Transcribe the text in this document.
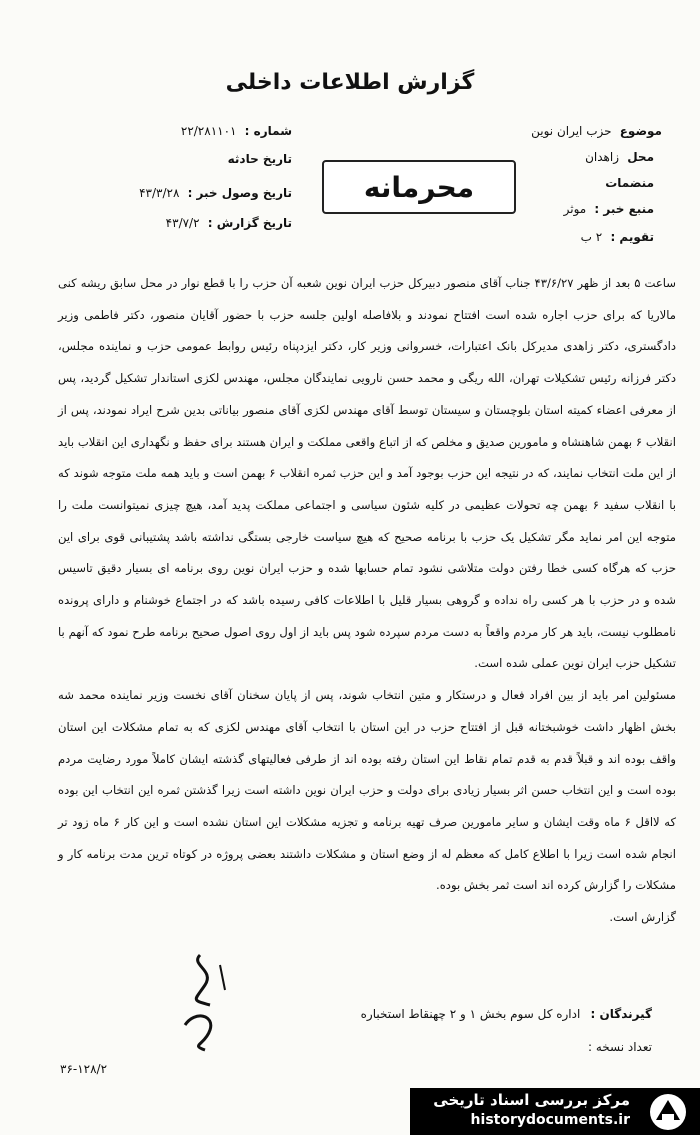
گزارش اطلاعات داخلی
موضوع حزب ایران نوین
محل زاهدان
منضمات
منبع خبر : موثر
تقویم : ۲ ب
شماره : ۲۲/۲۸۱۱۰۱
تاریخ حادثه
تاریخ وصول خبر : ۴۳/۳/۲۸
تاریخ گزارش : ۴۳/۷/۲
محرمانه

ساعت ۵ بعد از ظهر ۴۳/۶/۲۷ جناب آقای منصور دبیرکل حزب ایران نوین شعبه آن حزب را با قطع نوار در محل سابق ریشه کنی مالاریا که برای حزب اجاره شده است افتتاح نمودند و بلافاصله اولین جلسه حزب با حضور آقایان منصور، دکتر فاطمی وزیر دادگستری، دکتر زاهدی مدیرکل بانک اعتبارات، خسروانی وزیر کار، دکتر ایزدپناه رئیس روابط عمومی حزب و نماینده مجلس، دکتر فرزانه رئیس تشکیلات تهران، الله ریگی و محمد حسن نارویی نمایندگان مجلس، مهندس لکزی استاندار تشکیل گردید، پس از معرفی اعضاء کمیته استان بلوچستان و سیستان توسط آقای مهندس لکزی آقای منصور بیاناتی بدین شرح ایراد نمودند، پس از انقلاب ۶ بهمن شاهنشاه و مامورین صدیق و مخلص که از اتباع واقعی مملکت و ایران هستند برای حفظ و نگهداری این انقلاب باید از این ملت انتخاب نمایند، که در نتیجه این حزب بوجود آمد و این حزب ثمره انقلاب ۶ بهمن است و باید همه ملت متوجه شوند که با انقلاب سفید ۶ بهمن چه تحولات عظیمی در کلیه شئون سیاسی و اجتماعی مملکت پدید آمد، هیچ چیزی نمیتوانست ملت را متوجه این امر نماید مگر تشکیل یک حزب با برنامه صحیح که هیچ سیاست خارجی بستگی نداشته باشد پشتیبانی قوی برای این حزب که هرگاه کسی خطا رفتن دولت متلاشی نشود تمام حسابها شده و حزب ایران نوین روی برنامه ای بسیار دقیق تاسیس شده و در حزب با هر کسی راه نداده و گروهی بسیار قلیل با اطلاعات کافی رسیده باشد که در اجتماع خوشنام و دارای پرونده نامطلوب نیست، باید هر کار مردم واقعاً به دست مردم سپرده شود پس باید از اول روی اصول صحیح برنامه طرح نمود که آنهم با تشکیل حزب ایران نوین عملی شده است.

مسئولین امر باید از بین افراد فعال و درستکار و متین انتخاب شوند، پس از پایان سخنان آقای نخست وزیر نماینده محمد شه بخش اظهار داشت خوشبختانه قبل از افتتاح حزب در این استان با انتخاب آقای مهندس لکزی که به تمام مشکلات این استان واقف بوده اند و قبلاً قدم به قدم تمام نقاط این استان رفته بوده اند از طرفی فعالیتهای گذشته ایشان کاملاً مورد رضایت مردم بوده است و این انتخاب حسن اثر بسیار زیادی برای دولت و حزب ایران نوین داشته است زیرا گذشتن ثمره این انتخاب این بوده که لااقل ۶ ماه وقت ایشان و سایر مامورین صرف تهیه برنامه و تجزیه مشکلات این استان نشده است و این کار ۶ ماه زود تر انجام شده است زیرا با اطلاع کامل که معظم له از وضع استان و مشکلات داشتند بعضی پروژه در کوتاه ترین مدت برنامه کار و مشکلات را گزارش کرده اند است ثمر بخش بوده.

گزارش است.

گیرندگان : اداره کل سوم بخش ۱ و ۲ چهنقاط استخباره
تعداد نسخه :
۳۶-۱۲۸/۲
مرکز بررسی اسناد تاریخی
historydocuments.ir
